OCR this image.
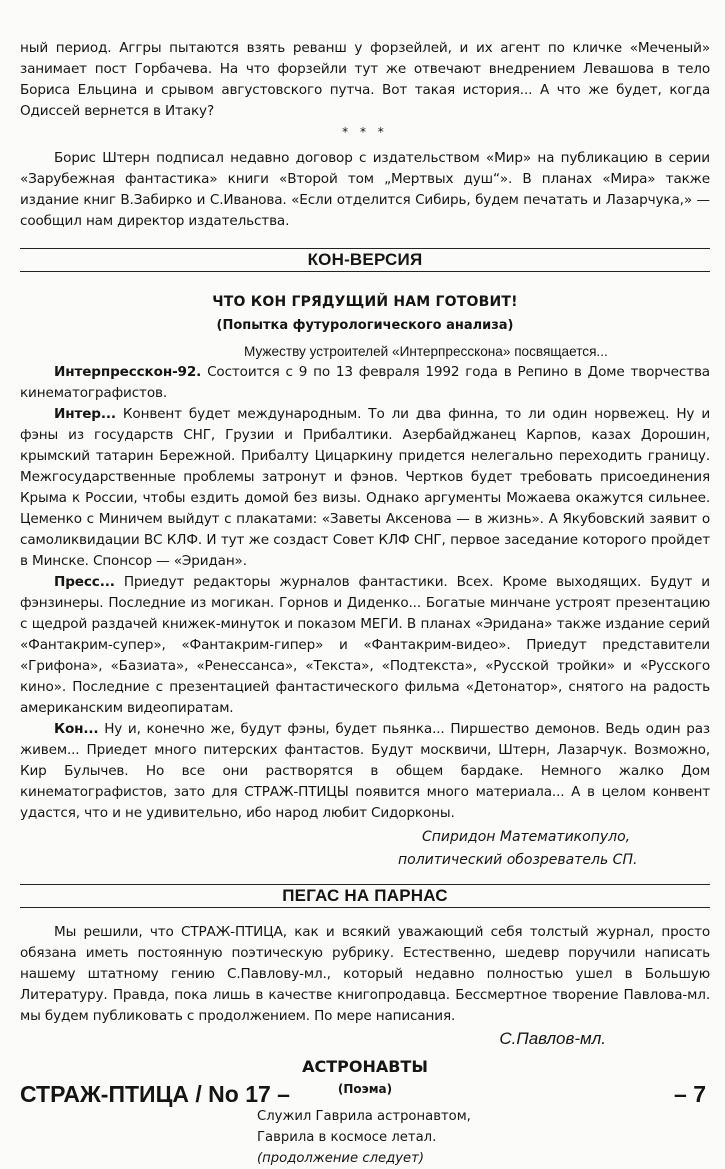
ный период. Аггры пытаются взять реванш у форзейлей, и их агент по кличке «Меченый» занимает пост Горбачева. На что форзейли тут же отвечают внедрением Левашова в тело Бориса Ельцина и срывом августовского путча. Вот такая история... А что же будет, когда Одиссей вернется в Итаку?

* * *

Борис Штерн подписал недавно договор с издательством «Мир» на публикацию в серии «Зарубежная фантастика» книги «Второй том „Мертвых душ“». В планах «Мира» также издание книг В.Забирко и С.Иванова. «Если отделится Сибирь, будем печатать и Лазарчука,» — сообщил нам директор издательства.

КОН-ВЕРСИЯ
ЧТО КОН ГРЯДУЩИЙ НАМ ГОТОВИТ!
(Попытка футурологического анализа)

Мужеству устроителей «Интерпресскона» посвящается...

Интерпресскон-92. Состоится с 9 по 13 февраля 1992 года в Репино в Доме творчества кинематографистов.

Интер... Конвент будет международным. То ли два финна, то ли один норвежец. Ну и фэны из государств СНГ, Грузии и Прибалтики. Азербайджанец Карпов, казах Дорошин, крымский татарин Бережной. Прибалту Цицаркину придется нелегально переходить границу. Межгосударственные проблемы затронут и фэнов. Чертков будет требовать присоединения Крыма к России, чтобы ездить домой без визы. Однако аргументы Можаева окажутся сильнее. Цеменко с Миничем выйдут с плакатами: «Заветы Аксенова — в жизнь». А Якубовский заявит о самоликвидации ВС КЛФ. И тут же создаст Совет КЛФ СНГ, первое заседание которого пройдет в Минске. Спонсор — «Эридан».

Пресс... Приедут редакторы журналов фантастики. Всех. Кроме выходящих. Будут и фэнзинеры. Последние из могикан. Горнов и Диденко... Богатые минчане устроят презентацию с щедрой раздачей книжек-минуток и показом МЕГИ. В планах «Эридана» также издание серий «Фантакрим-супер», «Фантакрим-гипер» и «Фантакрим-видео». Приедут представители «Грифона», «Базиата», «Ренессанса», «Текста», «Подтекста», «Русской тройки» и «Русского кино». Последние с презентацией фантастического фильма «Детонатор», снятого на радость американским видеопиратам.

Кон... Ну и, конечно же, будут фэны, будет пьянка... Пиршество демонов. Ведь один раз живем... Приедет много питерских фантастов. Будут москвичи, Штерн, Лазарчук. Возможно, Кир Булычев. Но все они растворятся в общем бардаке. Немного жалко Дом кинематографистов, зато для СТРАЖ-ПТИЦЫ появится много материала... А в целом конвент удастся, что и не удивительно, ибо народ любит Сидорконы.

Спиридон Математикопуло,
политический обозреватель СП.
ПЕГАС НА ПАРНАС

Мы решили, что СТРАЖ-ПТИЦА, как и всякий уважающий себя толстый журнал, просто обязана иметь постоянную поэтическую рубрику. Естественно, шедевр поручили написать нашему штатному гению С.Павлову-мл., который недавно полностью ушел в Большую Литературу. Правда, пока лишь в качестве книгопродавца. Бессмертное творение Павлова-мл. мы будем публиковать с продолжением. По мере написания.

С.Павлов-мл.
АСТРОНАВТЫ
(Поэма)
Служил Гаврила астронавтом,
Гаврила в космосе летал.
(продолжение следует)
СТРАЖ-ПТИЦА / No 17 –	– 7
